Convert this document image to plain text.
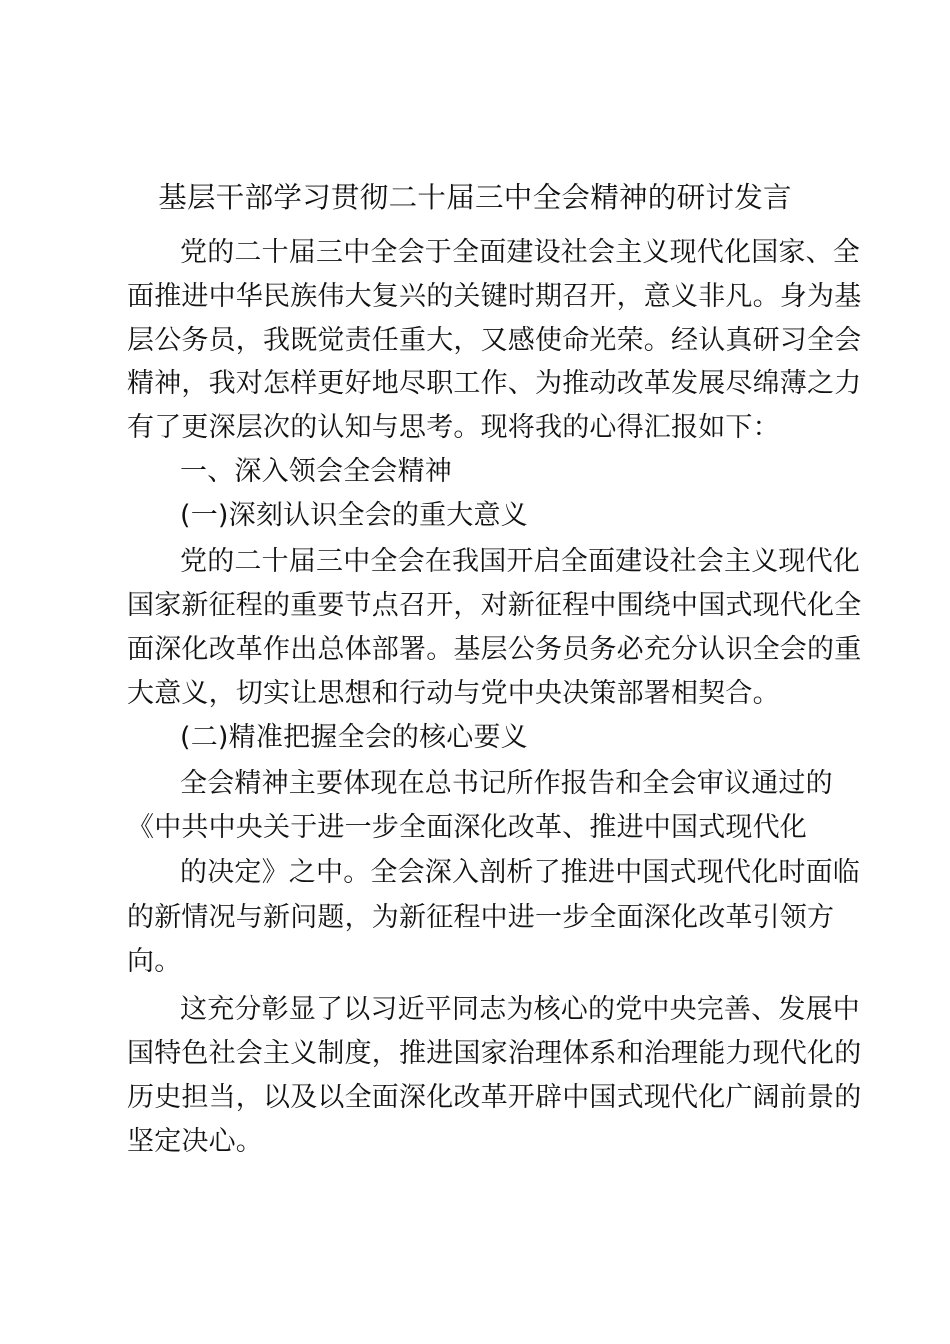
基层干部学习贯彻二十届三中全会精神的研讨发言

党的二十届三中全会于全面建设社会主义现代化国家、全

面推进中华民族伟大复兴的关键时期召开，意义非凡。身为基

层公务员，我既觉责任重大，又感使命光荣。经认真研习全会

精神，我对怎样更好地尽职工作、为推动改革发展尽绵薄之力

有了更深层次的认知与思考。现将我的心得汇报如下：

一、深入领会全会精神

(一)深刻认识全会的重大意义

党的二十届三中全会在我国开启全面建设社会主义现代化

国家新征程的重要节点召开，对新征程中围绕中国式现代化全

面深化改革作出总体部署。基层公务员务必充分认识全会的重

大意义，切实让思想和行动与党中央决策部署相契合。

(二)精准把握全会的核心要义

全会精神主要体现在总书记所作报告和全会审议通过的

《中共中央关于进一步全面深化改革、推进中国式现代化

的决定》之中。全会深入剖析了推进中国式现代化时面临

的新情况与新问题，为新征程中进一步全面深化改革引领方

向。

这充分彰显了以习近平同志为核心的党中央完善、发展中

国特色社会主义制度，推进国家治理体系和治理能力现代化的

历史担当，以及以全面深化改革开辟中国式现代化广阔前景的

坚定决心。
